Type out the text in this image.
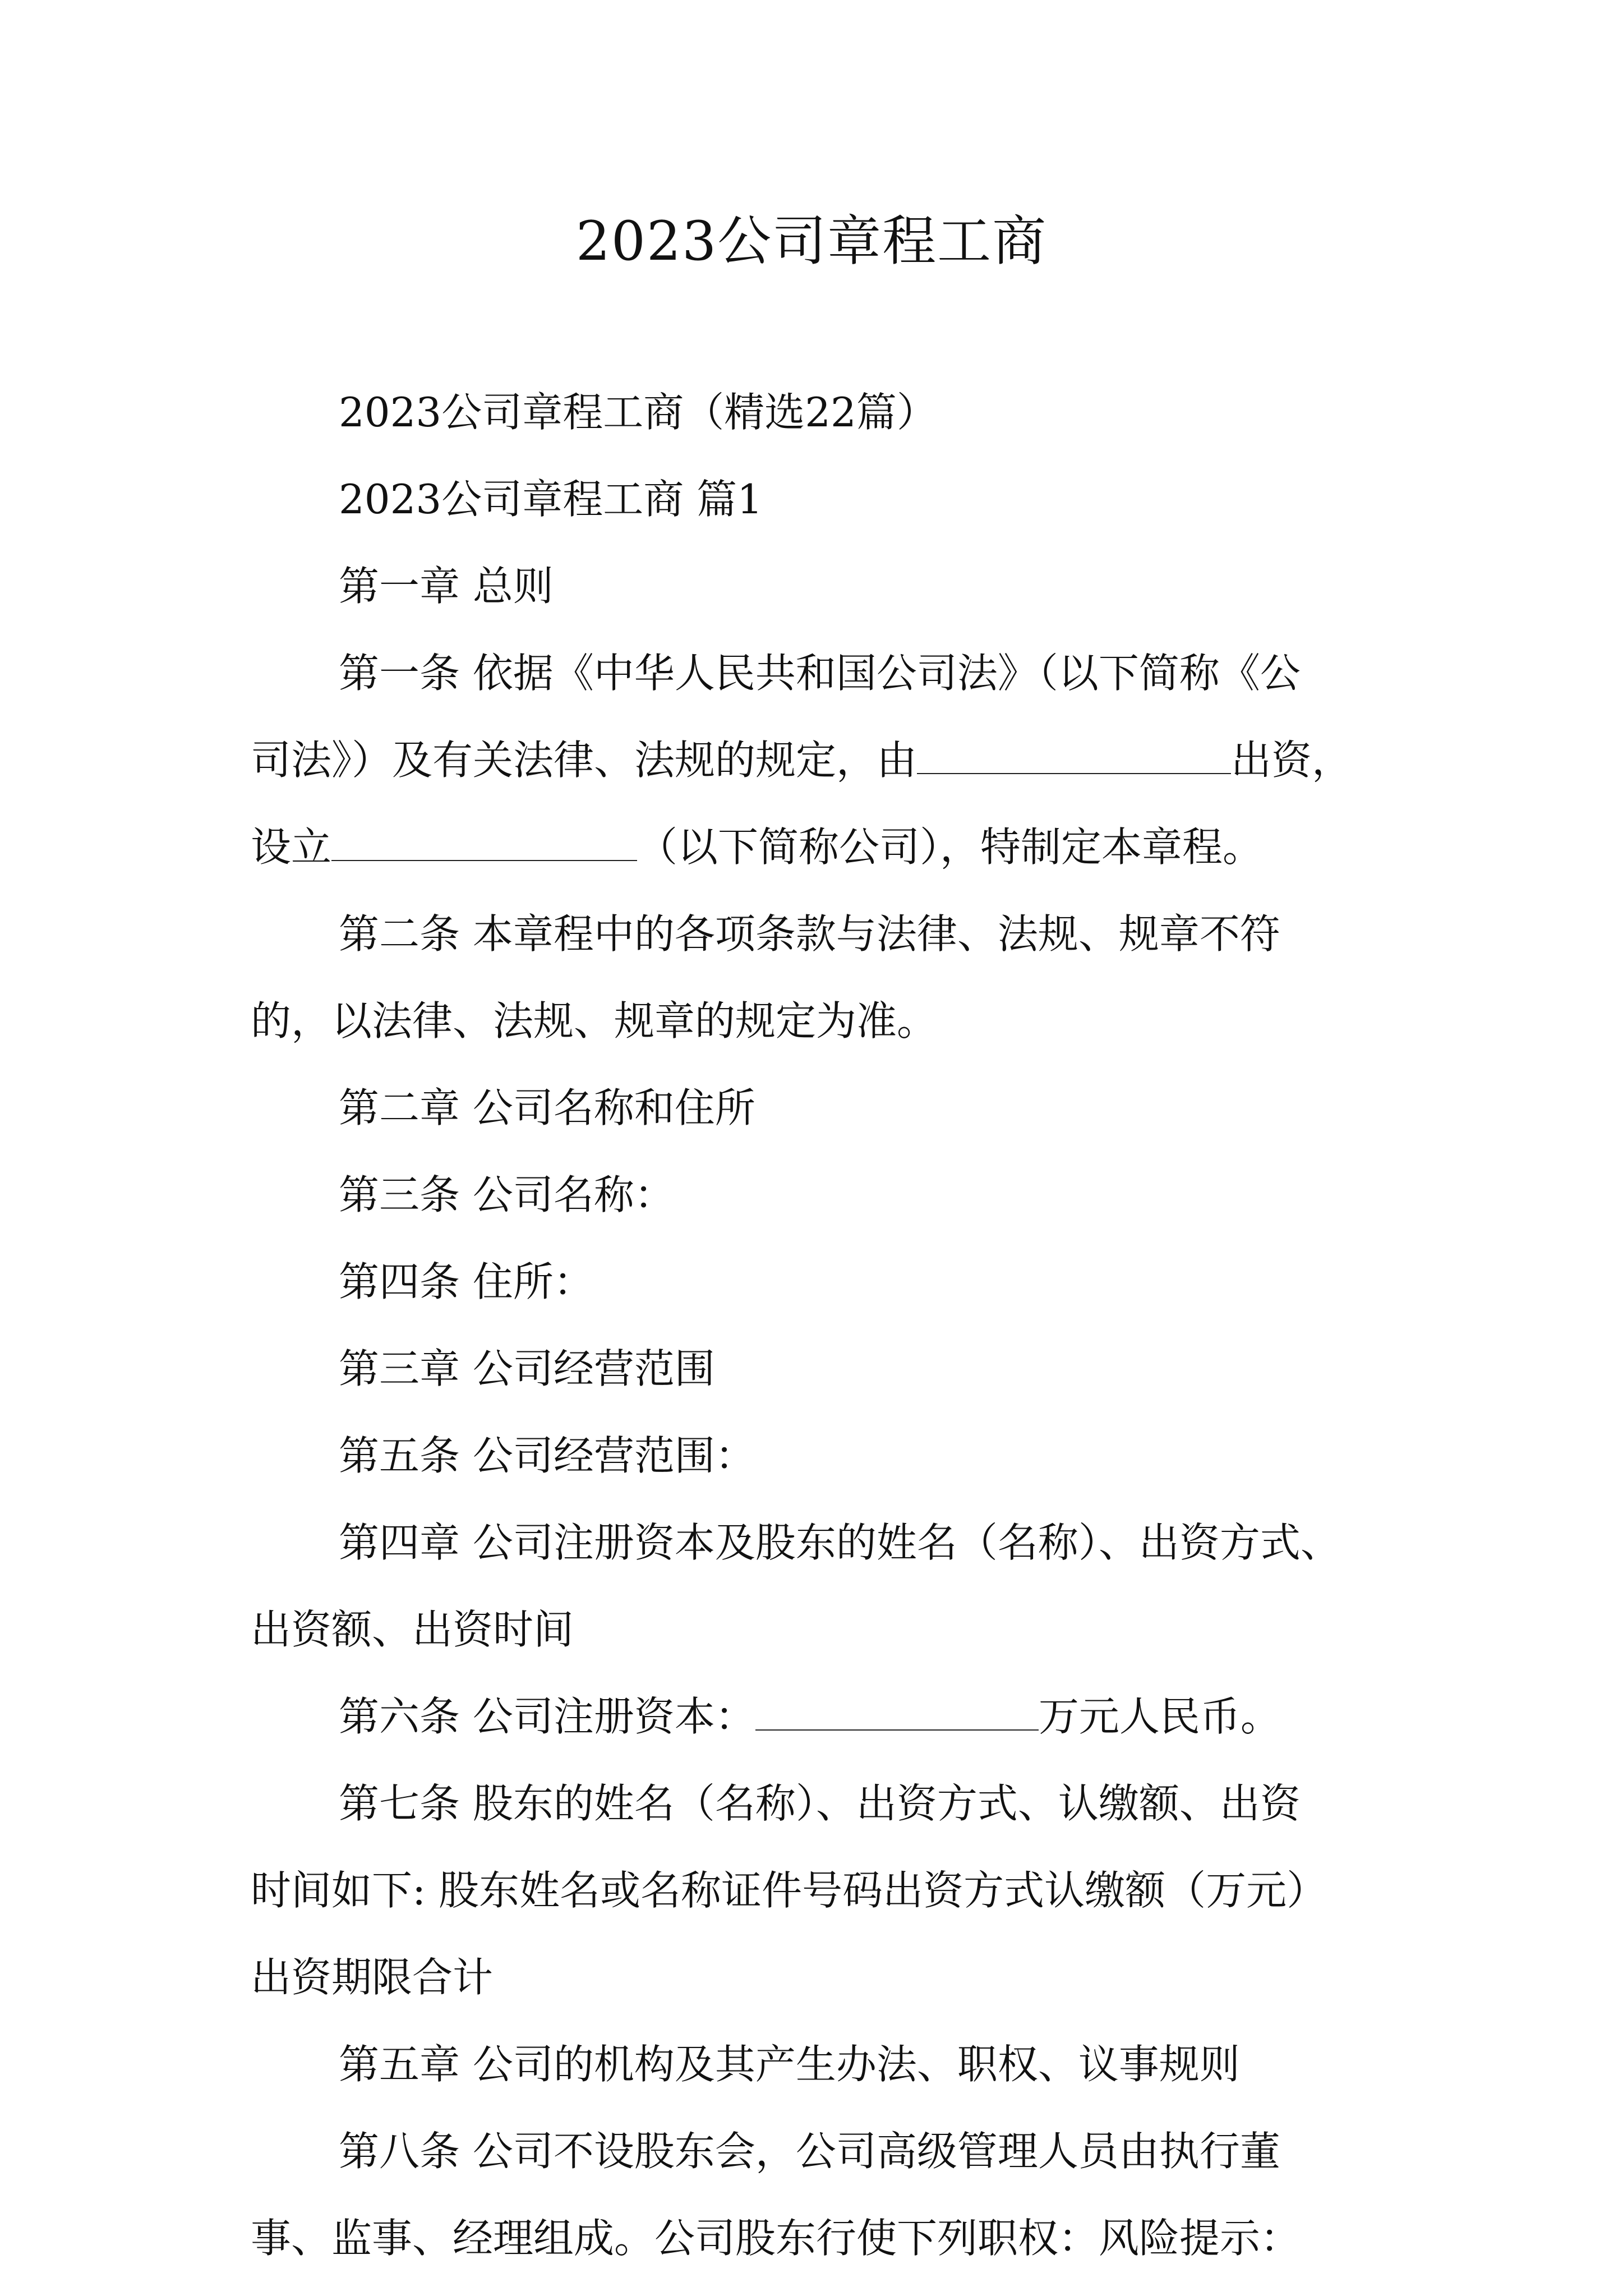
2023公司章程工商
2023公司章程工商（精选22篇）
2023公司章程工商 篇1
第一章 总则
第一条 依据《中华人民共和国公司法》（以下简称《公
司法》）及有关法律、法规的规定，由	出资，
设立	（以下简称公司），特制定本章程。
第二条 本章程中的各项条款与法律、法规、规章不符
的，以法律、法规、规章的规定为准。
第二章 公司名称和住所
第三条 公司名称：
第四条 住所：
第三章 公司经营范围
第五条 公司经营范围：
第四章 公司注册资本及股东的姓名（名称）、出资方式、
出资额、出资时间
第六条 公司注册资本：	万元人民币。
第七条 股东的姓名（名称）、出资方式、认缴额、出资
时间如下: 股东姓名或名称证件号码出资方式认缴额（万元）
出资期限合计
第五章 公司的机构及其产生办法、职权、议事规则
第八条 公司不设股东会，公司高级管理人员由执行董
事、监事、经理组成。公司股东行使下列职权：风险提示：
